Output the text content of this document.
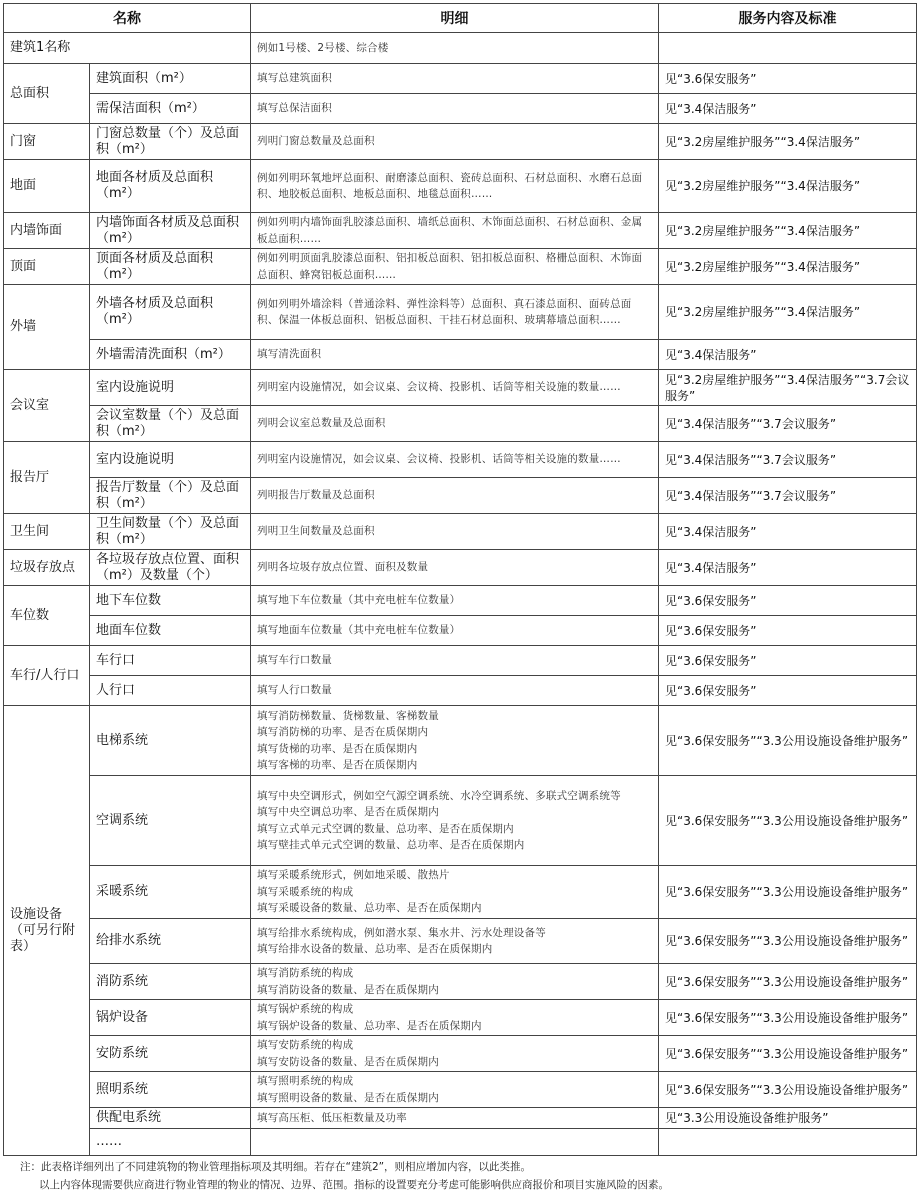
名称		明细	服务内容及标准
建筑1名称		例如1号楼、2号楼、综合楼	
总面积	建筑面积（m²）	填写总建筑面积	见“3.6保安服务”
	需保洁面积（m²）	填写总保洁面积	见“3.4保洁服务”
门窗	门窗总数量（个）及总面积（m²）	列明门窗总数量及总面积	见“3.2房屋维护服务”“3.4保洁服务”
地面	地面各材质及总面积（m²）	例如列明环氧地坪总面积、耐磨漆总面积、瓷砖总面积、石材总面积、水磨石总面积、地胶板总面积、地板总面积、地毯总面积……	见“3.2房屋维护服务”“3.4保洁服务”
内墙饰面	内墙饰面各材质及总面积（m²）	例如列明内墙饰面乳胶漆总面积、墙纸总面积、木饰面总面积、石材总面积、金属板总面积……	见“3.2房屋维护服务”“3.4保洁服务”
顶面	顶面各材质及总面积（m²）	例如列明顶面乳胶漆总面积、铝扣板总面积、铝扣板总面积、格栅总面积、木饰面总面积、蜂窝铝板总面积……	见“3.2房屋维护服务”“3.4保洁服务”
外墙	外墙各材质及总面积（m²）	例如列明外墙涂料（普通涂料、弹性涂料等）总面积、真石漆总面积、面砖总面积、保温一体板总面积、铝板总面积、干挂石材总面积、玻璃幕墙总面积……	见“3.2房屋维护服务”“3.4保洁服务”
	外墙需清洗面积（m²）	填写清洗面积	见“3.4保洁服务”
会议室	室内设施说明	列明室内设施情况，如会议桌、会议椅、投影机、话筒等相关设施的数量……	见“3.2房屋维护服务”“3.4保洁服务”“3.7会议服务”
	会议室数量（个）及总面积（m²）	列明会议室总数量及总面积	见“3.4保洁服务”“3.7会议服务”
报告厅	室内设施说明	列明室内设施情况，如会议桌、会议椅、投影机、话筒等相关设施的数量……	见“3.4保洁服务”“3.7会议服务”
	报告厅数量（个）及总面积（m²）	列明报告厅数量及总面积	见“3.4保洁服务”“3.7会议服务”
卫生间	卫生间数量（个）及总面积（m²）	列明卫生间数量及总面积	见“3.4保洁服务”
垃圾存放点	各垃圾存放点位置、面积（m²）及数量（个）	列明各垃圾存放点位置、面积及数量	见“3.4保洁服务”
车位数	地下车位数	填写地下车位数量（其中充电桩车位数量）	见“3.6保安服务”
	地面车位数	填写地面车位数量（其中充电桩车位数量）	见“3.6保安服务”
车行/人行口	车行口	填写车行口数量	见“3.6保安服务”
	人行口	填写人行口数量	见“3.6保安服务”
设施设备（可另行附表）	电梯系统	填写消防梯数量、货梯数量、客梯数量
填写消防梯的功率、是否在质保期内
填写货梯的功率、是否在质保期内
填写客梯的功率、是否在质保期内	见“3.6保安服务”“3.3公用设施设备维护服务”
	空调系统	填写中央空调形式，例如空气源空调系统、水冷空调系统、多联式空调系统等
填写中央空调总功率、是否在质保期内
填写立式单元式空调的数量、总功率、是否在质保期内
填写壁挂式单元式空调的数量、总功率、是否在质保期内	见“3.6保安服务”“3.3公用设施设备维护服务”
	采暖系统	填写采暖系统形式，例如地采暖、散热片
填写采暖系统的构成
填写采暖设备的数量、总功率、是否在质保期内	见“3.6保安服务”“3.3公用设施设备维护服务”
	给排水系统	填写给排水系统构成，例如潜水泵、集水井、污水处理设备等
填写给排水设备的数量、总功率、是否在质保期内	见“3.6保安服务”“3.3公用设施设备维护服务”
	消防系统	填写消防系统的构成
填写消防设备的数量、是否在质保期内	见“3.6保安服务”“3.3公用设施设备维护服务”
	锅炉设备	填写锅炉系统的构成
填写锅炉设备的数量、总功率、是否在质保期内	见“3.6保安服务”“3.3公用设施设备维护服务”
	安防系统	填写安防系统的构成
填写安防设备的数量、是否在质保期内	见“3.6保安服务”“3.3公用设施设备维护服务”
	照明系统	填写照明系统的构成
填写照明设备的数量、是否在质保期内	见“3.6保安服务”“3.3公用设施设备维护服务”
	供配电系统	填写高压柜、低压柜数量及功率	见“3.3公用设施设备维护服务”
	……		
注：此表格详细列出了不同建筑物的物业管理指标项及其明细。若存在“建筑2”，则相应增加内容，以此类推。
以上内容体现需要供应商进行物业管理的物业的情况、边界、范围。指标的设置要充分考虑可能影响供应商报价和项目实施风险的因素。
